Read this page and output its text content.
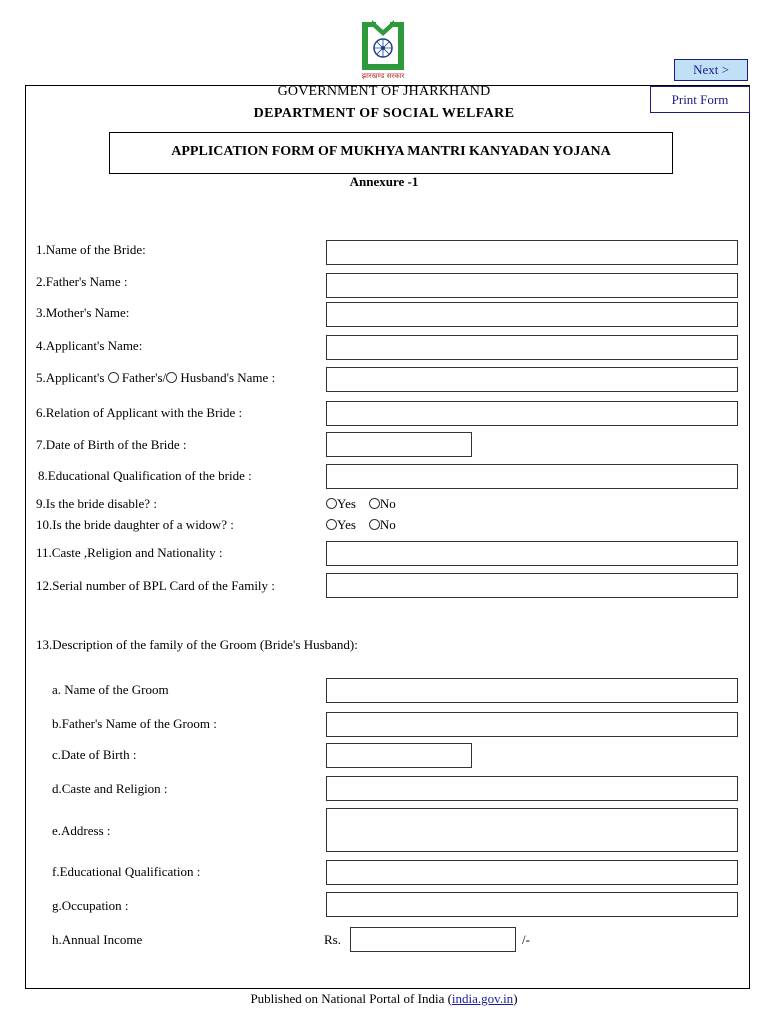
झारखण्ड सरकार	Next >
Print Form
GOVERNMENT OF JHARKHAND
DEPARTMENT OF SOCIAL WELFARE
APPLICATION FORM OF MUKHYA MANTRI KANYADAN YOJANA
Annexure -1
1.Name of the Bride:
2.Father's Name :
3.Mother's Name:
4.Applicant's Name:
5.Applicant's Father's/ Husband's Name :
6.Relation of Applicant with the Bride :
7.Date of Birth of the Bride :
8.Educational Qualification of the bride :
9.Is the bride disable? :	Yes No
10.Is the bride daughter of a widow? :	Yes No
11.Caste ,Religion and Nationality :
12.Serial number of BPL Card of the Family :
13.Description of the family of the Groom (Bride's Husband):
a. Name of the Groom
b.Father's Name of the Groom :
c.Date of Birth :
d.Caste and Religion :
e.Address :
f.Educational Qualification :
g.Occupation :
h.Annual Income	Rs.	/-
Published on National Portal of India (india.gov.in)
